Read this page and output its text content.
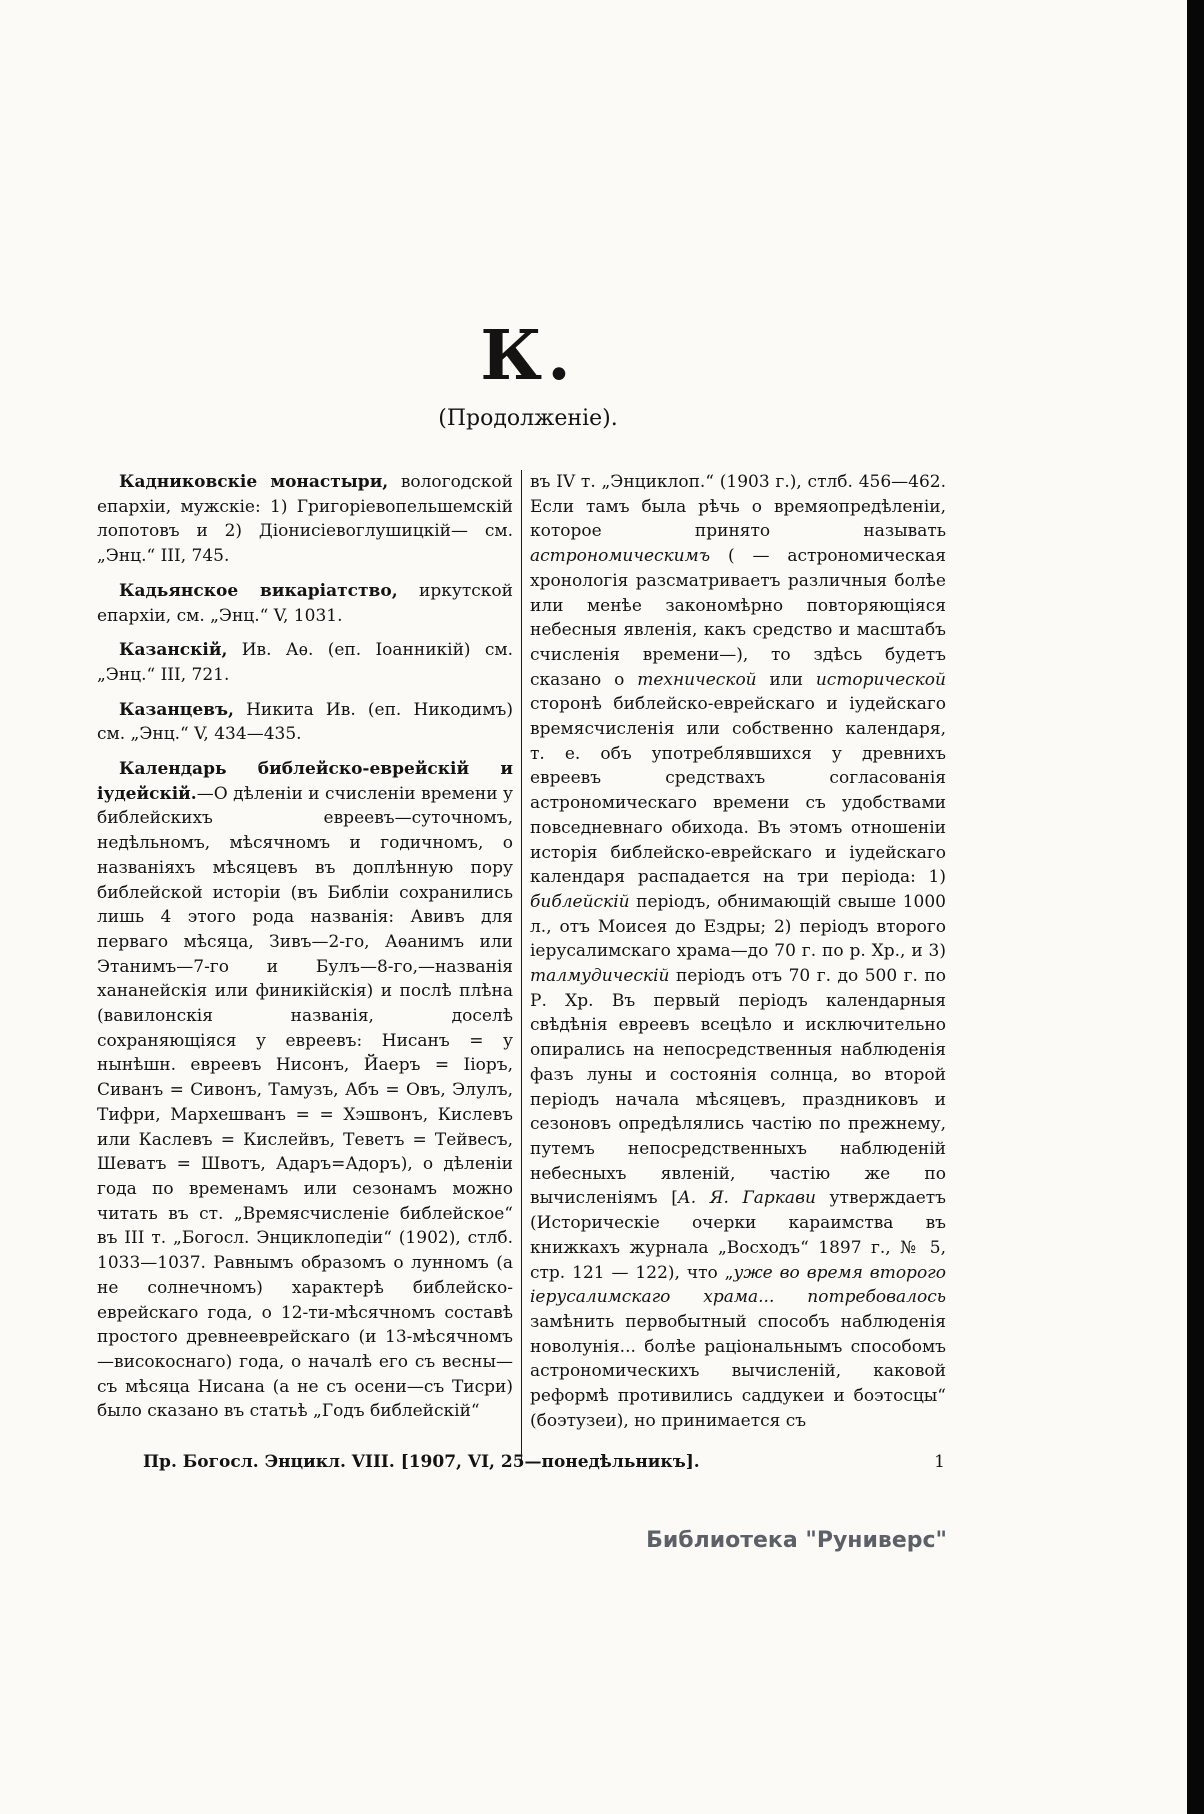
К.
(Продолженіе).

Кадниковскіе монастыри, вологодской епархіи, мужскіе: 1) Григоріевопельшемскій лопотовъ и 2) Діонисіевоглушицкій— см. „Энц.“ III, 745.

Кадьянское викаріатство, иркутской епархіи, см. „Энц.“ V, 1031.

Казанскій, Ив. Аѳ. (еп. Іоанникій) см. „Энц.“ III, 721.

Казанцевъ, Никита Ив. (еп. Никодимъ) см. „Энц.“ V, 434—435.

Календарь библейско-еврейскій и іудейскій.—О дѣленіи и счисленіи времени у библейскихъ евреевъ—суточномъ, недѣльномъ, мѣсячномъ и годичномъ, о названіяхъ мѣсяцевъ въ доплѣнную пору библейской исторіи (въ Библіи сохранились лишь 4 этого рода названія: Авивъ для перваго мѣсяца, Зивъ—2-го, Аѳанимъ или Этанимъ—7-го и Булъ—8-го,—названія хананейскія или финикійскія) и послѣ плѣна (вавилонскія названія, доселѣ сохраняющіяся у евреевъ: Нисанъ = у нынѣшн. евреевъ Нисонъ, Йаеръ = Ііоръ, Сиванъ = Сивонъ, Тамузъ, Абъ = Овъ, Элулъ, Тифри, Мархешванъ = = Хэшвонъ, Кислевъ или Каслевъ = Кислейвъ, Теветъ = Тейвесъ, Шеватъ = Швотъ, Адаръ=Адоръ), о дѣленіи года по временамъ или сезонамъ можно читать въ ст. „Времясчисленіе библейское“ въ III т. „Богосл. Энциклопедіи“ (1902), стлб. 1033—1037. Равнымъ образомъ о лунномъ (а не солнечномъ) характерѣ библейско-еврейскаго года, о 12-ти-мѣсячномъ составѣ простого древнееврейскаго (и 13-мѣсячномъ—високоснаго) года, о началѣ его съ весны—съ мѣсяца Нисана (а не съ осени—съ Тисри) было сказано въ статьѣ „Годъ библейскій“

въ IV т. „Энциклоп.“ (1903 г.), стлб. 456—462. Если тамъ была рѣчь о времяопредѣленіи, которое принято называть астрономическимъ ( — астрономическая хронологія разсматриваетъ различныя болѣе или менѣе закономѣрно повторяющіяся небесныя явленія, какъ средство и масштабъ счисленія времени—), то здѣсь будетъ сказано о технической или исторической сторонѣ библейско-еврейскаго и іудейскаго времясчисленія или собственно календаря, т. е. объ употреблявшихся у древнихъ евреевъ средствахъ согласованія астрономическаго времени съ удобствами повседневнаго обихода. Въ этомъ отношеніи исторія библейско-еврейскаго и іудейскаго календаря распадается на три періода: 1) библейскій періодъ, обнимающій свыше 1000 л., отъ Моисея до Ездры; 2) періодъ второго іерусалимскаго храма—до 70 г. по р. Хр., и 3) талмудическій періодъ отъ 70 г. до 500 г. по Р. Хр. Въ первый періодъ календарныя свѣдѣнія евреевъ всецѣло и исключительно опирались на непосредственныя наблюденія фазъ луны и состоянія солнца, во второй періодъ начала мѣсяцевъ, праздниковъ и сезоновъ опредѣлялись частію по прежнему, путемъ непосредственныхъ наблюденій небесныхъ явленій, частію же по вычисленіямъ [А. Я. Гаркави утверждаетъ (Историческіе очерки караимства въ книжкахъ журнала „Восходъ“ 1897 г., № 5, стр. 121 — 122), что „уже во время второго іерусалимскаго храма... потребовалось замѣнить первобытный способъ наблюденія новолунія... болѣе раціональнымъ способомъ астрономическихъ вычисленій, каковой реформѣ противились саддукеи и боэтосцы“ (боэтузеи), но принимается съ

Пр. Богосл. Энцикл. VIII. [1907, VI, 25—понедѣльникъ].	1
Библиотека "Руниверс"
